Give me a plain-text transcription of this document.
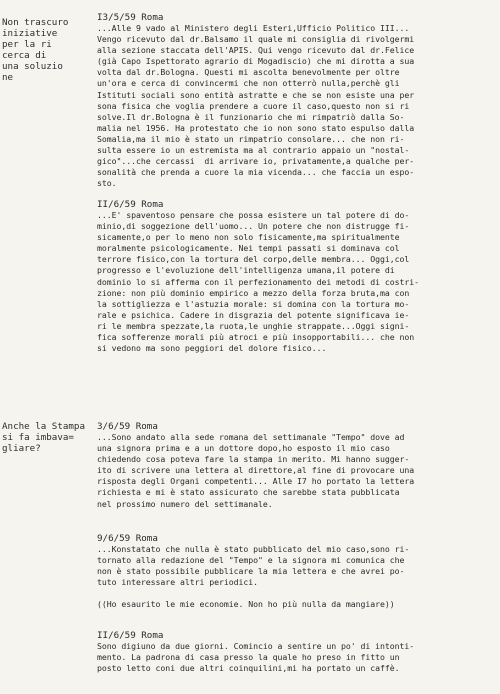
Non trascuro
iniziative
per la ri
cerca di
una soluzio
ne
Anche la Stampa
si fa imbava=
gliare?
I3/5/59 Roma
...Alle 9 vado al Ministero degli Esteri,Ufficio Politico III...
Vengo ricevuto dal dr.Balsamo il quale mi consiglia di rivolgermi
alla sezione staccata dell'APIS. Qui vengo ricevuto dal dr.Felice
(già Capo Ispettorato agrario di Mogadiscio) che mi dirotta a sua
volta dal dr.Bologna. Questi mi ascolta benevolmente per oltre
un'ora e cerca di convincermi che non otterrò nulla,perchè gli
Istituti sociali sono entità astratte e che se non esiste una per
sona fisica che voglia prendere a cuore il caso,questo non si ri
solve.Il dr.Bologna è il funzionario che mi rimpatriò dalla So-
malia nel 1956. Ha protestato che io non sono stato espulso dalla
Somalia,ma il mio è stato un rimpatrio consolare... che non ri-
sulta essere io un estremista ma al contrario appaio un "nostal-
gico"...che cercassi  di arrivare io, privatamente,a qualche per-
sonalità che prenda a cuore la mia vicenda... che faccia un espo-
sto.
II/6/59 Roma
...E' spaventoso pensare che possa esistere un tal potere di do-
minio,di soggezione dell'uomo... Un potere che non distrugge fi-
sicamente,o per lo meno non solo fisicamente,ma spiritualmente
moralmente psicologicamente. Nei tempi passati si dominava col
terrore fisico,con la tortura del corpo,delle membra... Oggi,col
progresso e l'evoluzione dell'intelligenza umana,il potere di
dominio lo si afferma con il perfezionamento dei metodi di costri-
zione: non più dominio empirico a mezzo della forza bruta,ma con
la sottigliezza e l'astuzia morale: si domina con la tortura mo-
rale e psichica. Cadere in disgrazia del potente significava ie-
ri le membra spezzate,la ruota,le unghie strappate...Oggi signi-
fica sofferenze morali più atroci e più insopportabili... che non
si vedono ma sono peggiori del dolore fisico...
3/6/59 Roma
...Sono andato alla sede romana del settimanale "Tempo" dove ad
una signora prima e a un dottore dopo,ho esposto il mio caso
chiedendo cosa poteva fare la stampa in merito. Mi hanno sugger-
ito di scrivere una lettera al direttore,al fine di provocare una
risposta degli Organi competenti... Alle I7 ho portato la lettera
richiesta e mi è stato assicurato che sarebbe stata pubblicata
nel prossimo numero del settimanale.
9/6/59 Roma
...Konstatato che nulla è stato pubblicato del mio caso,sono ri-
tornato alla redazione del "Tempo" e la signora mi comunica che
non è stato possibile pubblicare la mia lettera e che avrei po-
tuto interessare altri periodici.

((Ho esaurito le mie economie. Non ho più nulla da mangiare))
II/6/59 Roma
Sono digiuno da due giorni. Comincio a sentire un po' di intonti-
mento. La padrona di casa presso la quale ho preso in fitto un
posto letto coni due altri coinquilini,mi ha portato un caffè.
